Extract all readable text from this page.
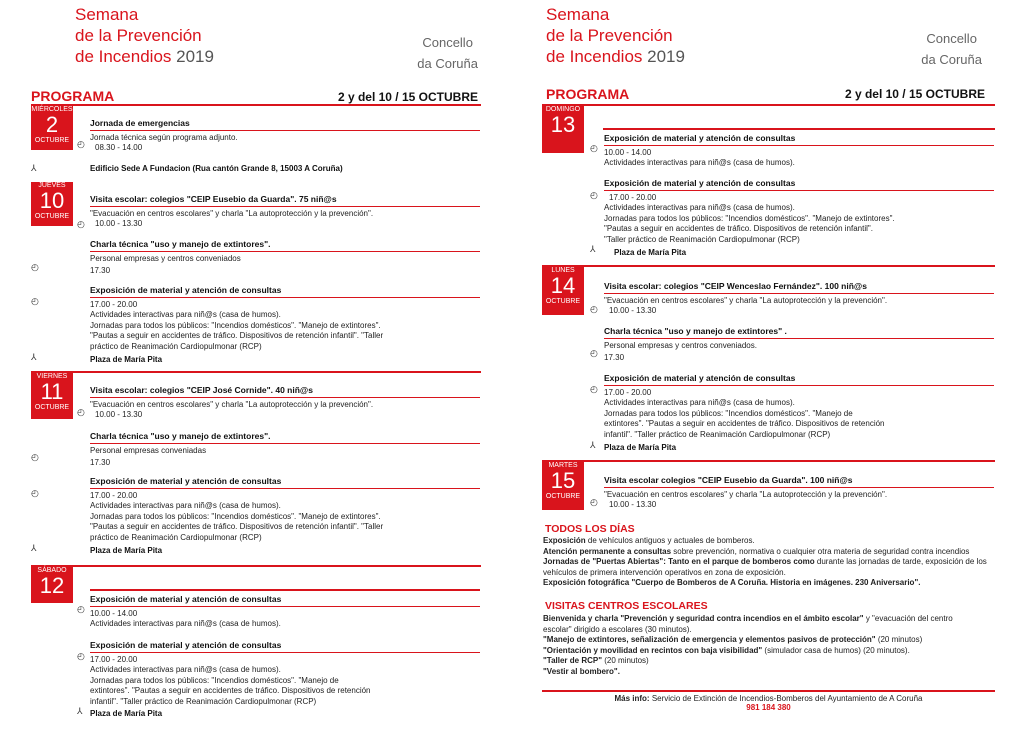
Semana
de la Prevención
de Incendios 2019
Concello
da Coruña
PROGRAMA	2 y del 10 / 15 OCTUBRE
MIÉRCOLES
2
OCTUBRE
Jornada de emergencias
Jornada técnica según programa adjunto.
08.30 - 14.00
◴
⅄	Edificio Sede A Fundacion (Rua cantón Grande 8, 15003 A Coruña)
JUEVES
10
OCTUBRE
Visita escolar: colegios "CEIP Eusebio da Guarda". 75 niñ@s
"Evacuación en centros escolares" y charla "La autoprotección y la prevención".
10.00 - 13.30
◴
Charla técnica "uso y manejo de extintores".
Personal empresas y centros conveniados
17.30
◴
Exposición de material y atención de consultas
17.00 - 20.00
Actividades interactivas para niñ@s (casa de humos).
Jornadas para todos los públicos: "Incendios domésticos". "Manejo de extintores".
"Pautas a seguir en accidentes de tráfico. Dispositivos de retención infantil". "Taller
práctico de Reanimación Cardiopulmonar (RCP)
◴
⅄	Plaza de María Pita
VIERNES
11
OCTUBRE
Visita escolar: colegios "CEIP José Cornide". 40 niñ@s
"Evacuación en centros escolares" y charla "La autoprotección y la prevención".
10.00 - 13.30
◴
Charla técnica "uso y manejo de extintores".
Personal empresas conveniadas
17.30
◴
Exposición de material y atención de consultas
17.00 - 20.00
Actividades interactivas para niñ@s (casa de humos).
Jornadas para todos los públicos: "Incendios domésticos". "Manejo de extintores".
"Pautas a seguir en accidentes de tráfico. Dispositivos de retención infantil". "Taller
práctico de Reanimación Cardiopulmonar (RCP)
◴
⅄	Plaza de María Pita
SÁBADO
12
Exposición de material y atención de consultas
10.00 - 14.00
Actividades interactivas para niñ@s (casa de humos).
◴
Exposición de material y atención de consultas
17.00 - 20.00
Actividades interactivas para niñ@s (casa de humos).
Jornadas para todos los públicos: "Incendios domésticos". "Manejo de
extintores". "Pautas a seguir en accidentes de tráfico. Dispositivos de retención
infantil". "Taller práctico de Reanimación Cardiopulmonar (RCP)
◴
⅄ Plaza de María Pita
Semana
de la Prevención
de Incendios 2019
Concello
da Coruña
PROGRAMA	2 y del 10 / 15 OCTUBRE
DOMINGO
13
Exposición de material y atención de consultas
10.00 - 14.00
Actividades interactivas para niñ@s (casa de humos).
◴
Exposición de material y atención de consultas
17.00 - 20.00
Actividades interactivas para niñ@s (casa de humos).
Jornadas para todos los públicos: "Incendios domésticos". "Manejo de extintores".
"Pautas a seguir en accidentes de tráfico. Dispositivos de retención infantil".
"Taller práctico de Reanimación Cardiopulmonar (RCP)
◴
⅄ Plaza de María Pita
LUNES
14
OCTUBRE
Visita escolar: colegios "CEIP Wenceslao Fernández". 100 niñ@s
"Evacuación en centros escolares" y charla "La autoprotección y la prevención".
10.00 - 13.30
◴
Charla técnica "uso y manejo de extintores" .
Personal empresas y centros conveniados.
17.30
◴
Exposición de material y atención de consultas
17.00 - 20.00
Actividades interactivas para niñ@s (casa de humos).
Jornadas para todos los públicos: "Incendios domésticos". "Manejo de
extintores". "Pautas a seguir en accidentes de tráfico. Dispositivos de retención
infantil". "Taller práctico de Reanimación Cardiopulmonar (RCP)
◴
⅄ Plaza de María Pita
MARTES
15
OCTUBRE
Visita escolar colegios "CEIP Eusebio da Guarda". 100 niñ@s
"Evacuación en centros escolares" y charla "La autoprotección y la prevención".
10.00 - 13.30
◴
TODOS LOS DÍAS
Exposición de vehículos antiguos y actuales de bomberos.
Atención permanente a consultas sobre prevención, normativa o cualquier otra materia de seguridad contra incendios
Jornadas de "Puertas Abiertas": Tanto en el parque de bomberos como durante las jornadas de tarde, exposición de los
vehículos de primera intervención operativos en zona de exposición.
Exposición fotográfica "Cuerpo de Bomberos de A Coruña. Historia en imágenes. 230 Aniversario".
VISITAS CENTROS ESCOLARES
Bienvenida y charla "Prevención y seguridad contra incendios en el ámbito escolar" y "evacuación del centro
escolar" dirigido a escolares (30 minutos).
"Manejo de extintores, señalización de emergencia y elementos pasivos de protección" (20 minutos)
"Orientación y movilidad en recintos con baja visibilidad" (simulador casa de humos) (20 minutos).
"Taller de RCP" (20 minutos)
"Vestir al bombero".
Más info: Servicio de Extinción de Incendios-Bomberos del Ayuntamiento de A Coruña
981 184 380
